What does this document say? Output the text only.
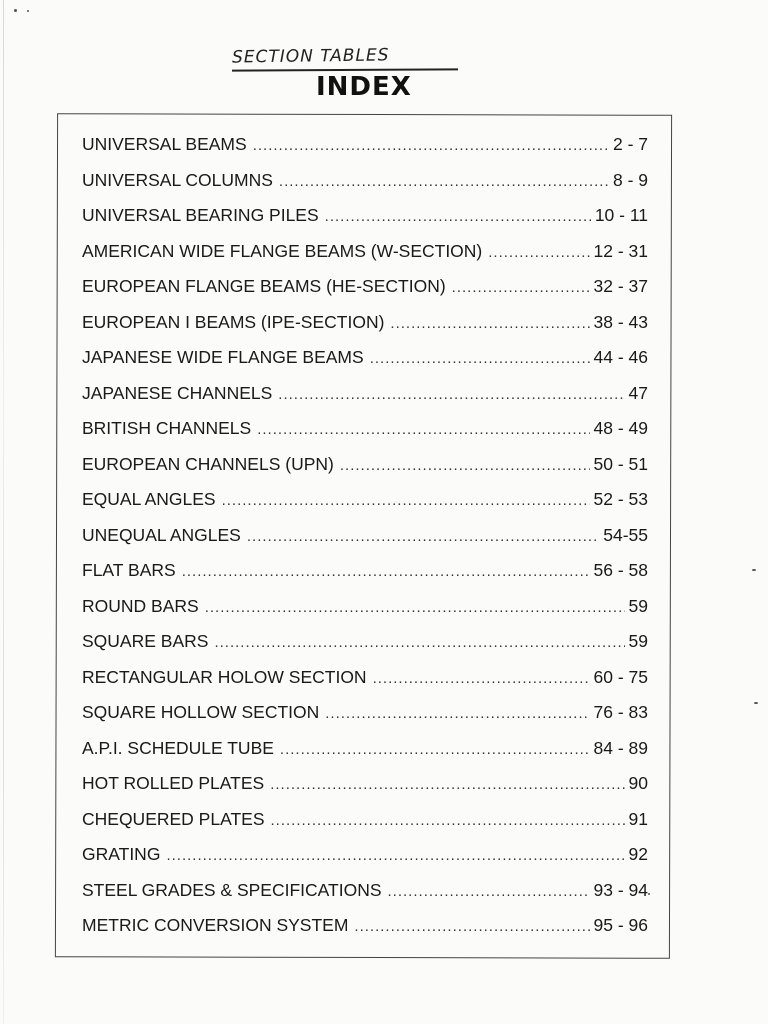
SECTION TABLES
INDEX
UNIVERSAL BEAMS .....	2 - 7
UNIVERSAL COLUMNS .....	8 - 9
UNIVERSAL BEARING PILES .....	10 - 11
AMERICAN WIDE FLANGE BEAMS (W-SECTION) .....	12 - 31
EUROPEAN FLANGE BEAMS (HE-SECTION) .....	32 - 37
EUROPEAN I BEAMS (IPE-SECTION) .....	38 - 43
JAPANESE WIDE FLANGE BEAMS .....	44 - 46
JAPANESE CHANNELS .....	47
BRITISH CHANNELS .....	48 - 49
EUROPEAN CHANNELS (UPN) .....	50 - 51
EQUAL ANGLES .....	52 - 53
UNEQUAL ANGLES .....	54-55
FLAT BARS .....	56 - 58
ROUND BARS .....	59
SQUARE BARS .....	59
RECTANGULAR HOLOW SECTION .....	60 - 75
SQUARE HOLLOW SECTION .....	76 - 83
A.P.I. SCHEDULE TUBE .....	84 - 89
HOT ROLLED PLATES .....	90
CHEQUERED PLATES .....	91
GRATING .....	92
STEEL GRADES & SPECIFICATIONS .....	93 - 94
METRIC CONVERSION SYSTEM .....	95 - 96
